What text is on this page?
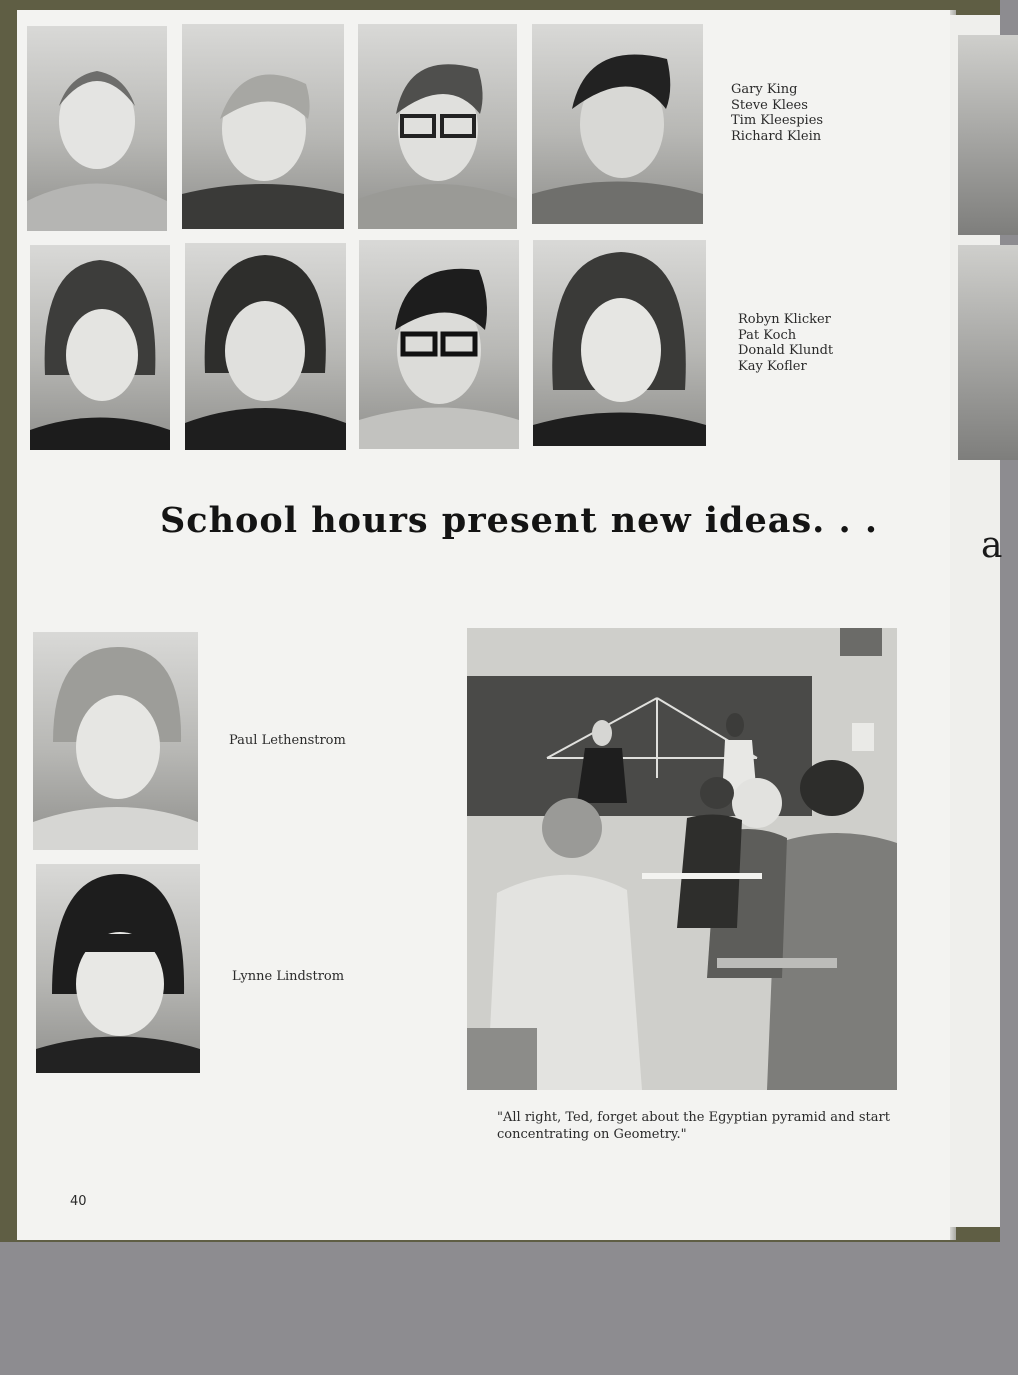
a
Gary King
Steve Klees
Tim Kleespies
Richard Klein
Robyn Klicker
Pat Koch
Donald Klundt
Kay Kofler
School hours present new ideas. . .
Paul Lethenstrom
Lynne Lindstrom
"All right, Ted, forget about the Egyptian pyramid and start concentrating on Geometry."
40
